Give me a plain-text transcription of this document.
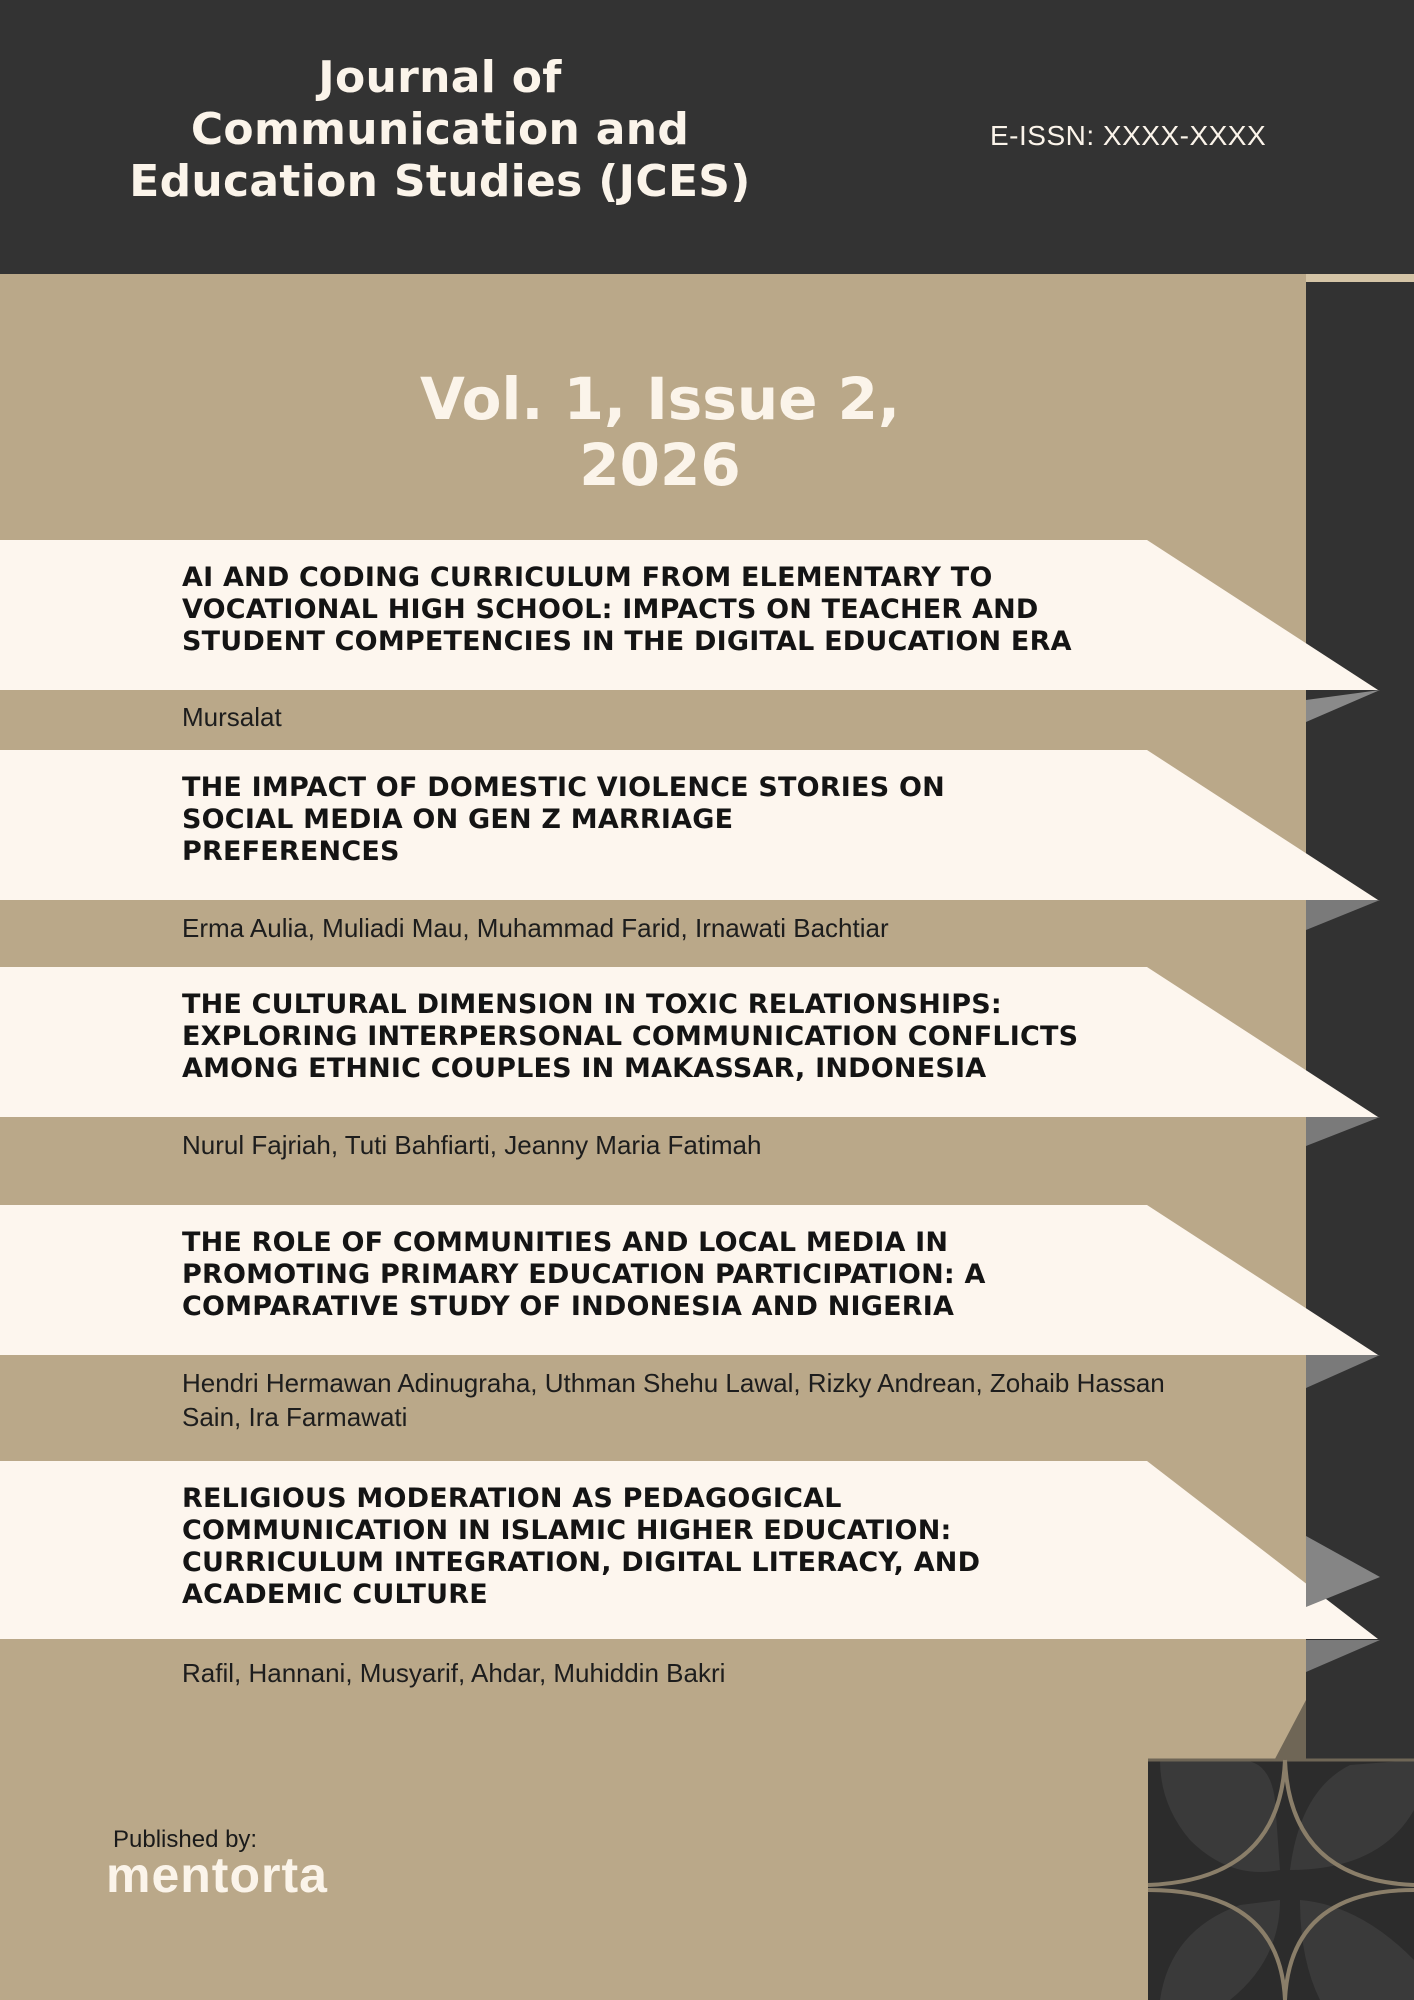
Journal of
Communication and
Education Studies (JCES)
E-ISSN: XXXX-XXXX
Vol. 1, Issue 2,
2026
AI AND CODING CURRICULUM FROM ELEMENTARY TO
VOCATIONAL HIGH SCHOOL: IMPACTS ON TEACHER AND
STUDENT COMPETENCIES IN THE DIGITAL EDUCATION ERA
Mursalat
THE IMPACT OF DOMESTIC VIOLENCE STORIES ON
SOCIAL MEDIA ON GEN Z MARRIAGE
PREFERENCES
Erma Aulia, Muliadi Mau, Muhammad Farid, Irnawati Bachtiar
THE CULTURAL DIMENSION IN TOXIC RELATIONSHIPS:
EXPLORING INTERPERSONAL COMMUNICATION CONFLICTS
AMONG ETHNIC COUPLES IN MAKASSAR, INDONESIA
Nurul Fajriah, Tuti Bahfiarti, Jeanny Maria Fatimah
THE ROLE OF COMMUNITIES AND LOCAL MEDIA IN
PROMOTING PRIMARY EDUCATION PARTICIPATION: A
COMPARATIVE STUDY OF INDONESIA AND NIGERIA
Hendri Hermawan Adinugraha, Uthman Shehu Lawal, Rizky Andrean, Zohaib Hassan Sain, Ira Farmawati
RELIGIOUS MODERATION AS PEDAGOGICAL
COMMUNICATION IN ISLAMIC HIGHER EDUCATION:
CURRICULUM INTEGRATION, DIGITAL LITERACY, AND
ACADEMIC CULTURE
Rafil, Hannani, Musyarif, Ahdar, Muhiddin Bakri
Published by:
mentorta
